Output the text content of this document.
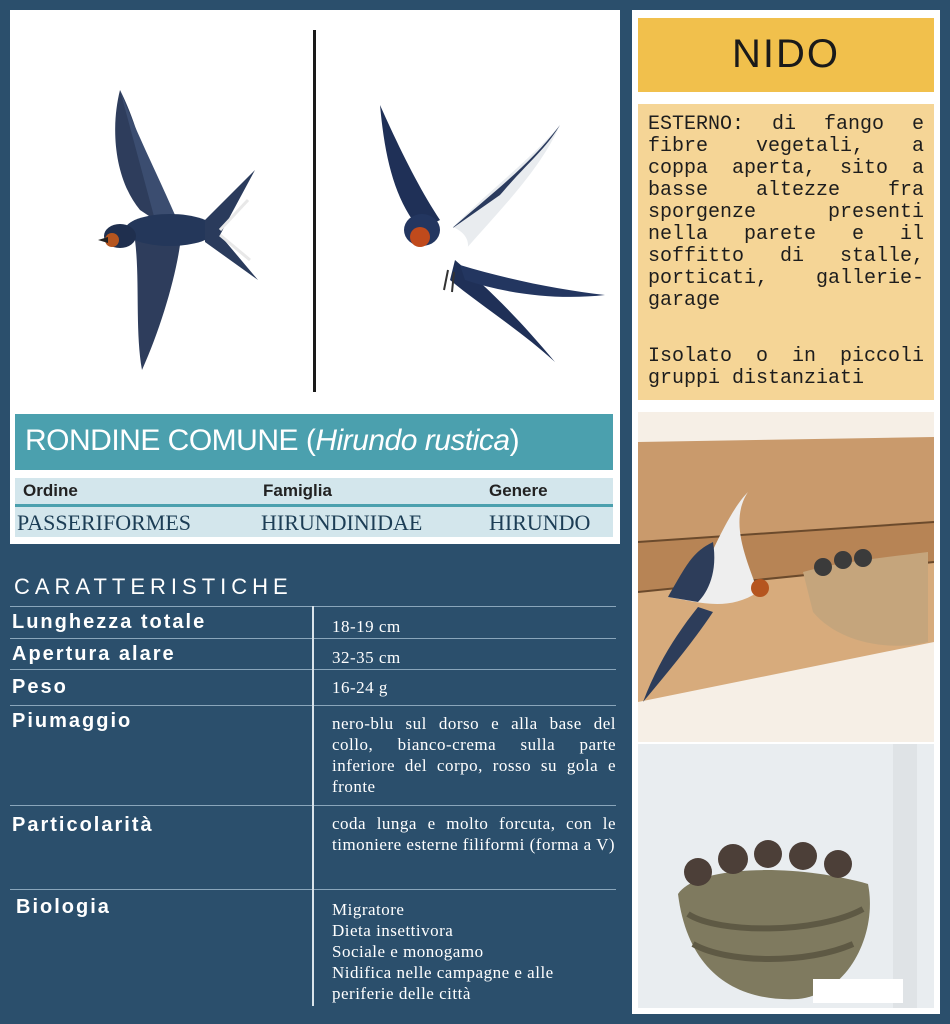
RONDINE COMUNE (Hirundo rustica)
Ordine	Famiglia	Genere
PASSERIFORMES	HIRUNDINIDAE	HIRUNDO
CARATTERISTICHE
Lunghezza totale	18-19 cm
Apertura alare	32-35 cm
Peso	16-24 g
Piumaggio	nero-blu sul dorso e alla base del collo, bianco-crema sulla parte inferiore del corpo, rosso su gola e fronte
Particolarità	coda lunga e molto forcuta, con le timoniere esterne filiformi (forma a V)
Biologia	Migratore
Dieta insettivora
Sociale e monogamo
Nidifica nelle campagne e alle periferie delle città
NIDO
ESTERNO: di fango e fibre vegetali, a coppa aperta, sito a basse altezze fra sporgenze presenti nella parete e il soffitto di stalle, porticati, gallerie-garage
Isolato o in piccoli gruppi distanziati
